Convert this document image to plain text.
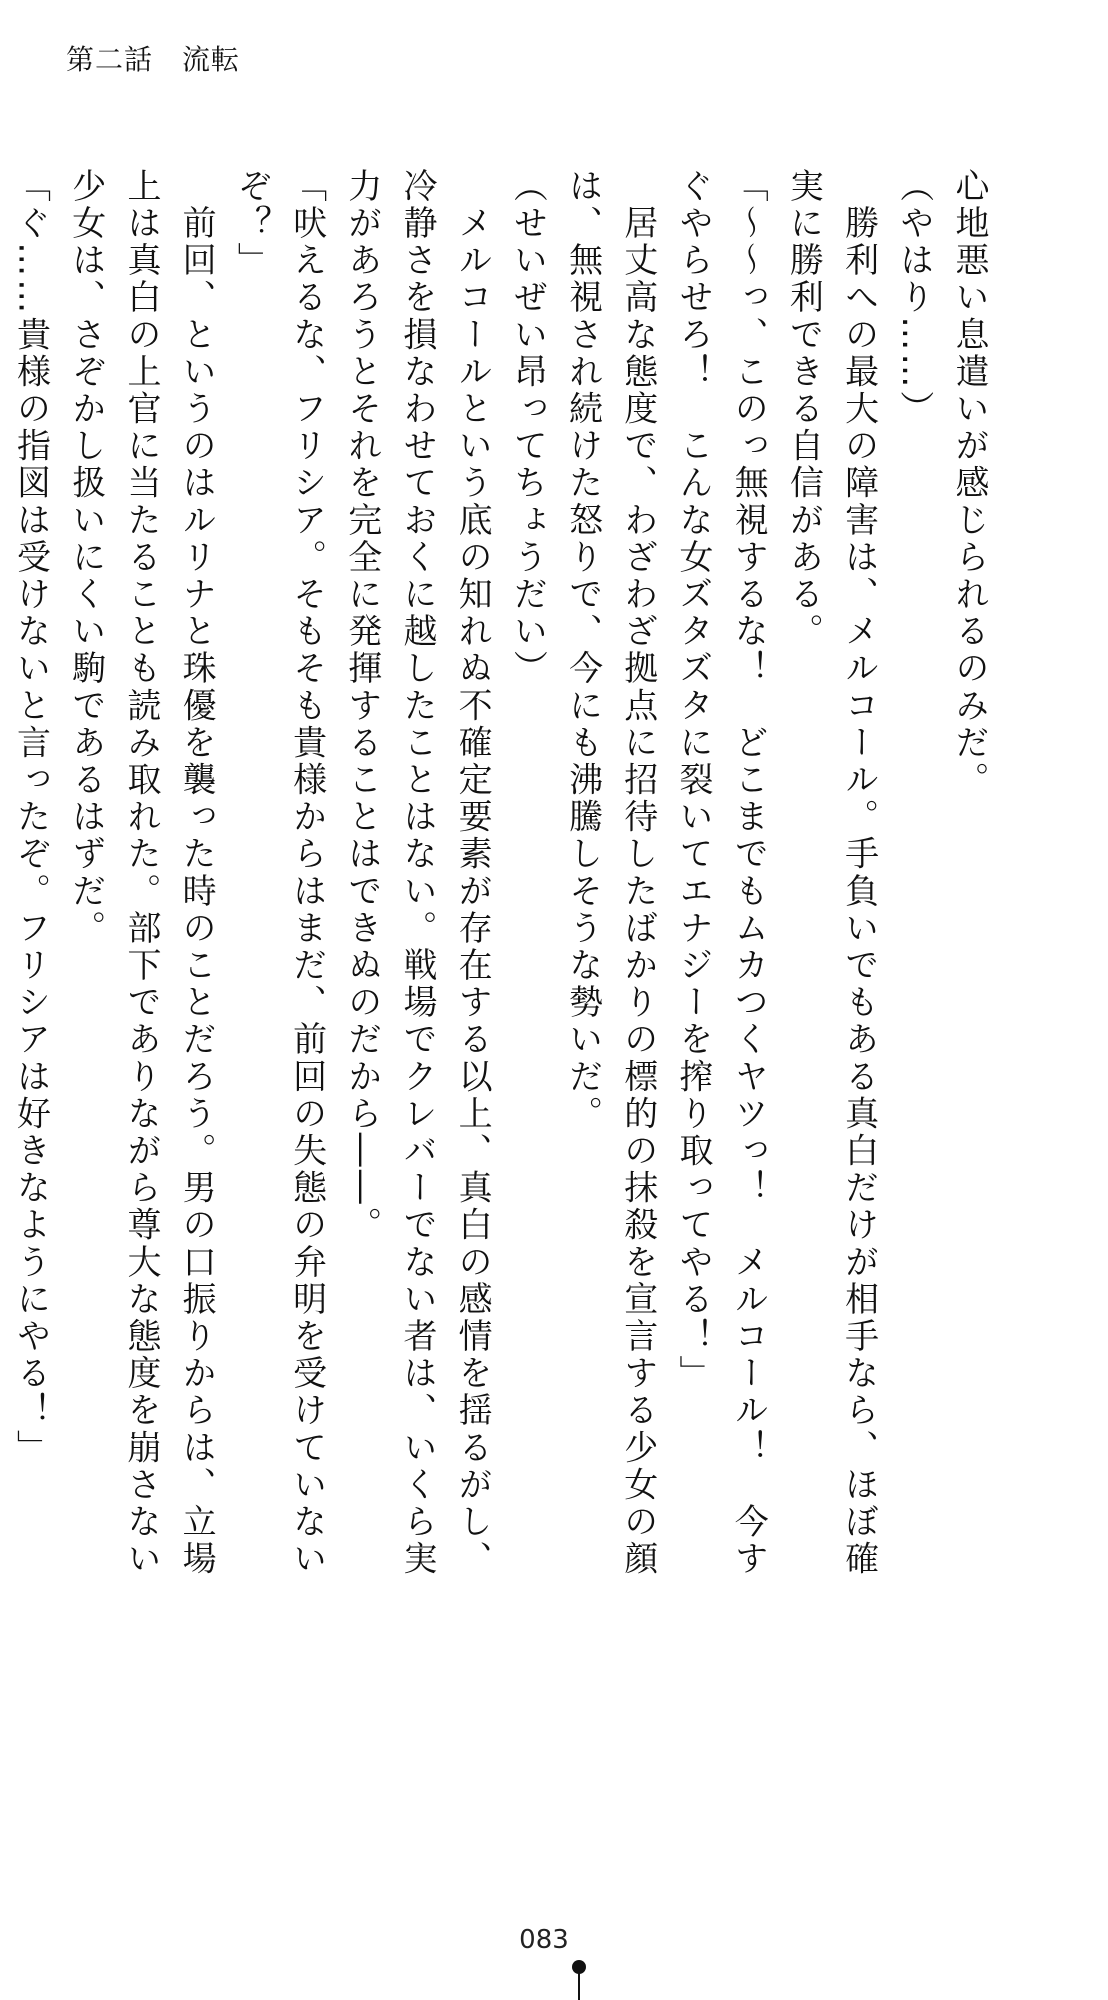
第二話　流転

心地悪い息遣いが感じられるのみだ。

（やはり……）

　勝利への最大の障害は、メルコール。手負いでもある真白だけが相手なら、ほぼ確実に勝利できる自信がある。

「～～っ、このっ無視するな！　どこまでもムカつくヤツっ！　メルコール！　今すぐやらせろ！　こんな女ズタズタに裂いてエナジーを搾り取ってやる！」

　居丈高な態度で、わざわざ拠点に招待したばかりの標的の抹殺を宣言する少女の顔は、無視され続けた怒りで、今にも沸騰しそうな勢いだ。

（せいぜい昂ってちょうだい）

　メルコールという底の知れぬ不確定要素が存在する以上、真白の感情を揺るがし、冷静さを損なわせておくに越したことはない。戦場でクレバーでない者は、いくら実力があろうとそれを完全に発揮することはできぬのだから――。

「吠えるな、フリシア。そもそも貴様からはまだ、前回の失態の弁明を受けていないぞ？」

　前回、というのはルリナと珠優を襲った時のことだろう。男の口振りからは、立場上は真白の上官に当たることも読み取れた。部下でありながら尊大な態度を崩さない少女は、さぞかし扱いにくい駒であるはずだ。

「ぐ……貴様の指図は受けないと言ったぞ。フリシアは好きなようにやる！」

083
